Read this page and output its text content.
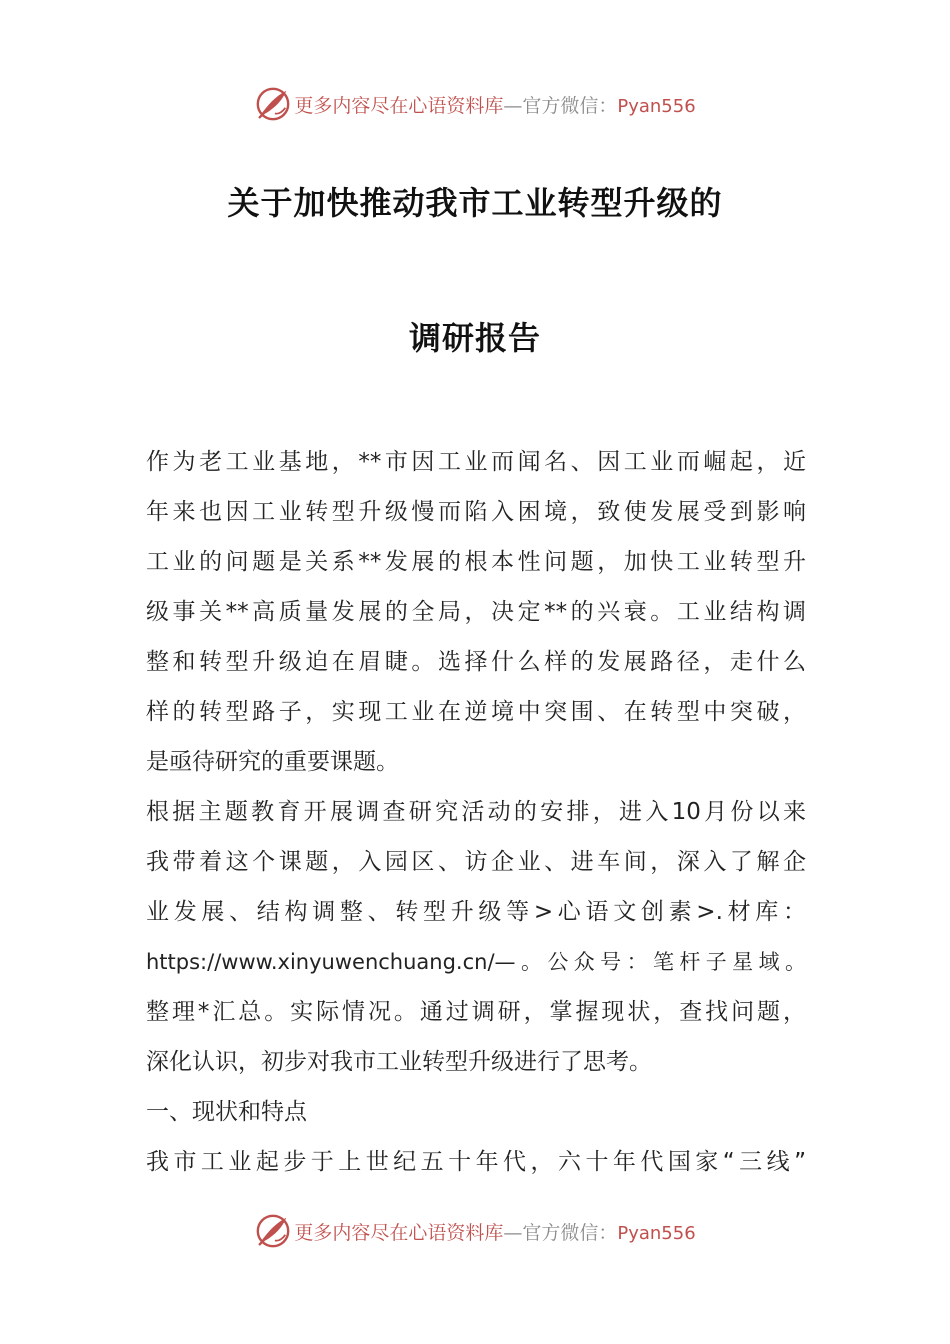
更多内容尽在心语资料库—官方微信：Pyan556
关于加快推动我市工业转型升级的
调研报告
作为老工业基地，**市因工业而闻名、因工业而崛起，近
年来也因工业转型升级慢而陷入困境，致使发展受到影响
工业的问题是关系**发展的根本性问题，加快工业转型升
级事关**高质量发展的全局，决定**的兴衰。工业结构调
整和转型升级迫在眉睫。选择什么样的发展路径，走什么
样的转型路子，实现工业在逆境中突围、在转型中突破，
是亟待研究的重要课题。
根据主题教育开展调查研究活动的安排，进入10月份以来
我带着这个课题，入园区、访企业、进车间，深入了解企
业发展、结构调整、转型升级等>心语文创素>.材库：
https://www.xinyuwenchuang.cn/—。公众号：笔杆子星域。
整理*汇总。实际情况。通过调研，掌握现状，查找问题，
深化认识，初步对我市工业转型升级进行了思考。
一、现状和特点
我市工业起步于上世纪五十年代，六十年代国家“三线”
更多内容尽在心语资料库—官方微信：Pyan556
